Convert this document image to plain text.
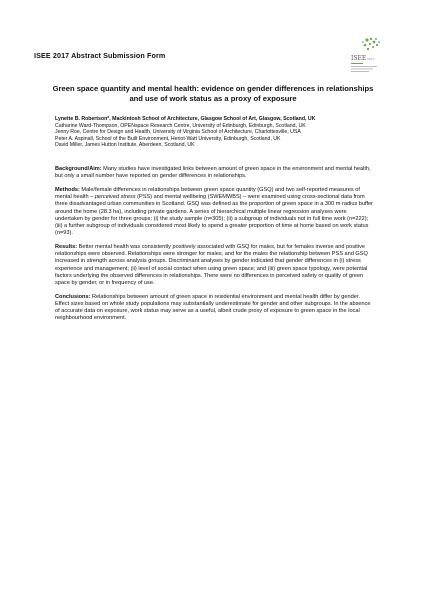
ISEE 2017 Abstract Submission Form	ISEE 2017
Green space quantity and mental health: evidence on gender differences in relationships
and use of work status as a proxy of exposure
Lynette B. Robertson*, Mackintosh School of Architecture, Glasgow School of Art, Glasgow, Scotland, UK
Catharine Ward-Thompson, OPENspace Research Centre, University of Edinburgh, Edinburgh, Scotland, UK
Jenny Roe, Centre for Design and Health, University of Virginia School of Architecture, Charlottesville, USA
Peter A. Aspinall, School of the Built Environment, Heriot-Watt University, Edinburgh, Scotland, UK
David Miller, James Hutton Institute, Aberdeen, Scotland, UK

Background/Aim: Many studies have investigated links between amount of green space in the environment and mental health, but only a small number have reported on gender differences in relationships.

Methods: Male/female differences in relationships between green space quantity (GSQ) and two self-reported measures of mental health – perceived stress (PSS) and mental wellbeing (SWEMWBS) – were examined using cross-sectional data from three disadvantaged urban communities in Scotland. GSQ was defined as the proportion of green space in a 300 m radius buffer around the home (28.3 ha), including private gardens. A series of hierarchical multiple linear regression analyses were undertaken by gender for three groups: (i) the study sample (n=305); (ii) a subgroup of individuals not in full time work (n=222); (iii) a further subgroup of individuals considered most likely to spend a greater proportion of time at home based on work status (n=93).

Results: Better mental health was consistently positively associated with GSQ for males, but for females inverse and positive relationships were observed. Relationships were stronger for males, and for the males the relationship between PSS and GSQ increased in strength across analysis groups. Discriminant analyses by gender indicated that gender differences in (i) stress experience and management; (ii) level of social contact when using green space; and (iii) green space typology, were potential factors underlying the observed differences in relationships. There were no differences in perceived safety or quality of green space by gender, or in frequency of use.

Conclusions: Relationships between amount of green space in residential environment and mental health differ by gender. Effect sizes based on whole study populations may substantially underestimate for gender and other subgroups. In the absence of accurate data on exposure, work status may serve as a useful, albeit crude proxy of exposure to green space in the local neighbourhood environment.
